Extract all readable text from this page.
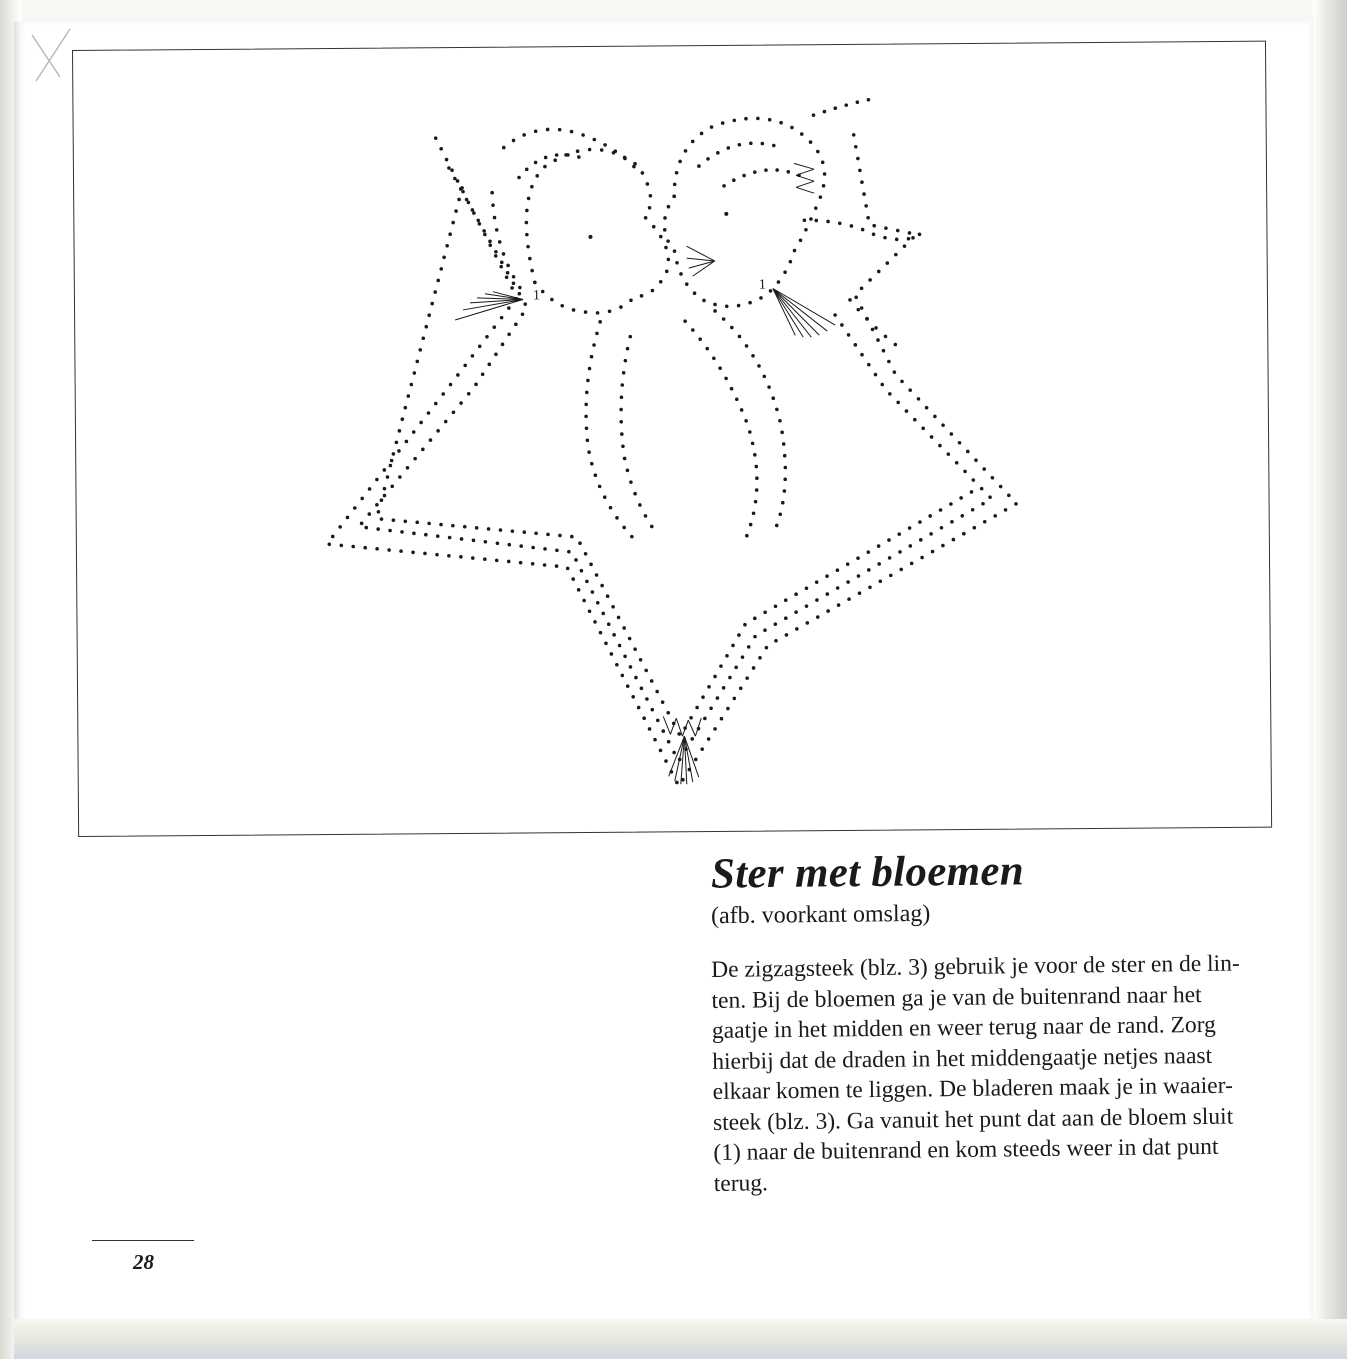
1
1
Ster met bloemen

(afb. voorkant omslag)

De zigzagsteek (blz. 3) gebruik je voor de ster en de lin-
ten. Bij de bloemen ga je van de buitenrand naar het
gaatje in het midden en weer terug naar de rand. Zorg
hierbij dat de draden in het middengaatje netjes naast
elkaar komen te liggen. De bladeren maak je in waaier-
steek (blz. 3). Ga vanuit het punt dat aan de bloem sluit
(1) naar de buitenrand en kom steeds weer in dat punt
terug.

28
